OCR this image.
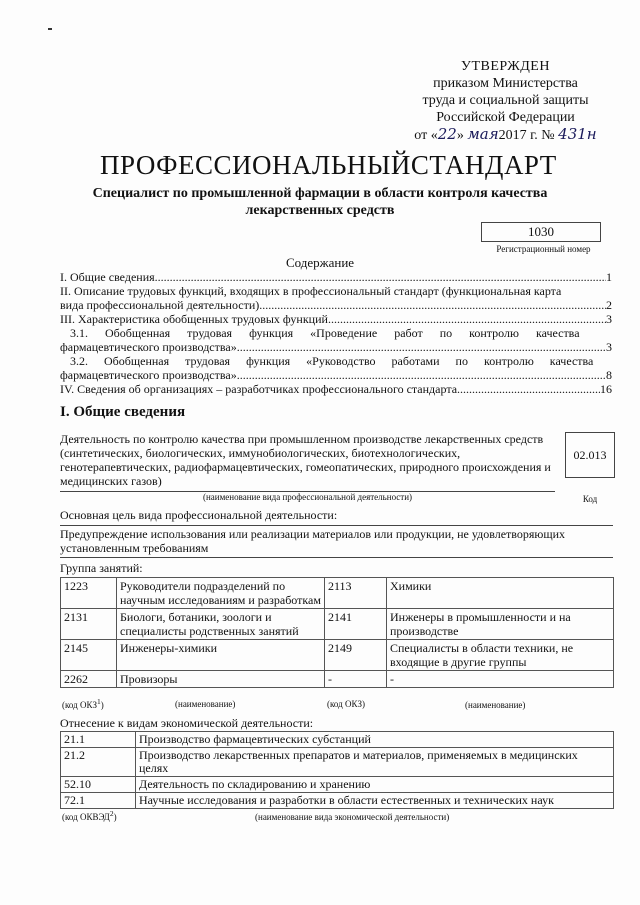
УТВЕРЖДЕН
приказом Министерства
труда и социальной защиты
Российской Федерации
от «22» мая2017 г. № 431н
ПРОФЕССИОНАЛЬНЫЙСТАНДАРТ
Специалист по промышленной фармации в области контроля качества лекарственных средств
1030
Регистрационный номер
Содержание
I. Общие сведения .....	1
II. Описание трудовых функций, входящих в профессиональный стандарт (функциональная карта
вида профессиональной деятельности) .....	2
III. Характеристика обобщенных трудовых функций .....	3
3.1. Обобщенная трудовая функция «Проведение работ по контролю качества
фармацевтического производства» .....	3
3.2. Обобщенная трудовая функция «Руководство работами по контролю качества
фармацевтического производства» .....	8
IV. Сведения об организациях – разработчиках профессионального стандарта .....	16
I. Общие сведения
Деятельность по контролю качества при промышленном производстве лекарственных средств (синтетических, биологических, иммунобиологических, биотехнологических, генотерапевтических, радиофармацевтических, гомеопатических, природного происхождения и медицинских газов)
02.013
(наименование вида профессиональной деятельности)	Код
Основная цель вида профессиональной деятельности:
Предупреждение использования или реализации материалов или продукции, не удовлетворяющих установленным требованиям
Группа занятий:
1223	Руководители подразделений по научным исследованиям и разработкам	2113	Химики
2131	Биологи, ботаники, зоологи и специалисты родственных занятий	2141	Инженеры в промышленности и на производстве
2145	Инженеры-химики	2149	Специалисты в области техники, не входящие в другие группы
2262	Провизоры	-	-
(код ОКЗ$^1$)	(наименование)	(код ОКЗ)	(наименование)
Отнесение к видам экономической деятельности:
21.1	Производство фармацевтических субстанций
21.2	Производство лекарственных препаратов и материалов, применяемых в медицинских целях
52.10	Деятельность по складированию и хранению
72.1	Научные исследования и разработки в области естественных и технических наук
(код ОКВЭД$^2$)	(наименование вида экономической деятельности)
